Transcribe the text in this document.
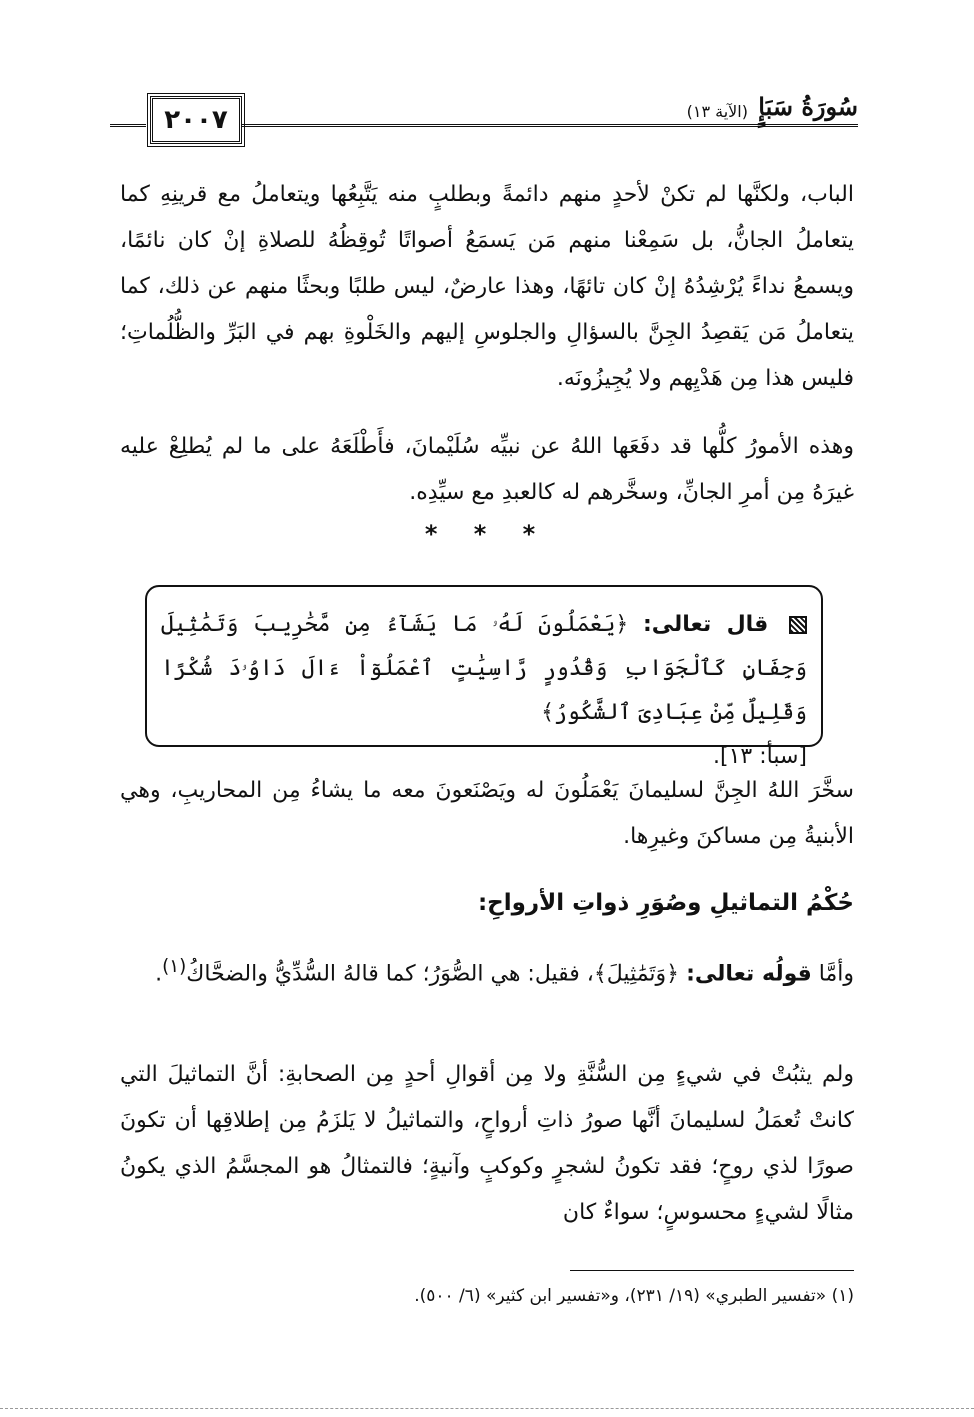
٢٠٠٧	سُورَةُ سَبَإٍ
(الآية ١٣)
الباب، ولكنَّها لم تكنْ لأحدٍ منهم دائمةً وبطلبٍ منه يَتَّبِعُها ويتعاملُ مع قرينِهِ كما يتعاملُ الجانُّ، بل سَمِعْنا منهم مَن يَسمَعُ أصواتًا تُوقِظُهُ للصلاةِ إنْ كان نائمًا، ويسمعُ نداءً يُرْشِدُهُ إنْ كان تائهًا، وهذا عارضٌ، ليس طلبًا وبحثًا منهم عن ذلك، كما يتعاملُ مَن يَقصِدُ الجِنَّ بالسؤالِ والجلوسِ إليهم والخَلْوةِ بهم في البَرِّ والظُّلُماتِ؛ فليس هذا مِن هَدْيِهم ولا يُجِيزُونَه.
وهذه الأمورُ كلُّها قد دفَعَها اللهُ عن نبيِّه سُلَيْمانَ، فأَطْلَعَهُ على ما لم يُطلِعْ عليه غيرَهُ مِن أمرِ الجانِّ، وسخَّرهم له كالعبدِ مع سيِّدِه.
* * *
قال تعالى: ﴿يَعْمَلُونَ لَهُۥ مَا يَشَآءُ مِن مَّحَٰرِيبَ وَتَمَٰثِيلَ وَجِفَانٍ كَٱلْجَوَابِ وَقُدُورٍ رَّاسِيَٰتٍ ٱعْمَلُوٓاْ ءَالَ دَاوُۥدَ شُكْرًا وَقَلِيلٌ مِّنْ عِبَادِىَ ٱلشَّكُورُ﴾
[سبأ: ١٣].
سخَّرَ اللهُ الجِنَّ لسليمانَ يَعْمَلُونَ له ويَصْنَعونَ معه ما يشاءُ مِن المحاريبِ، وهي الأبنيةُ مِن مساكنَ وغيرِها.
حُكْمُ التماثيلِ وصُوَرِ ذواتِ الأرواحِ:
وأمَّا قولُه تعالى: ﴿وَتَمَٰثِيلَ﴾، فقيل: هي الصُّوَرُ؛ كما قالهُ السُّدِّيُّ والضحَّاكُ$^{(١)}$.
ولم يثبُتْ في شيءٍ مِن السُّنَّةِ ولا مِن أقوالِ أحدٍ مِن الصحابةِ: أنَّ التماثيلَ التي كانتْ تُعمَلُ لسليمانَ أنَّها صورُ ذاتِ أرواحٍ، والتماثيلُ لا يَلزَمُ مِن إطلاقِها أن تكونَ صورًا لذي روحٍ؛ فقد تكونُ لشجرٍ وكوكبٍ وآنيةٍ؛ فالتمثالُ هو المجسَّمُ الذي يكونُ مثالًا لشيءٍ محسوسٍ؛ سواءٌ كان
(١) «تفسير الطبري» (١٩/ ٢٣١)، و«تفسير ابن كثير» (٦/ ٥٠٠).
